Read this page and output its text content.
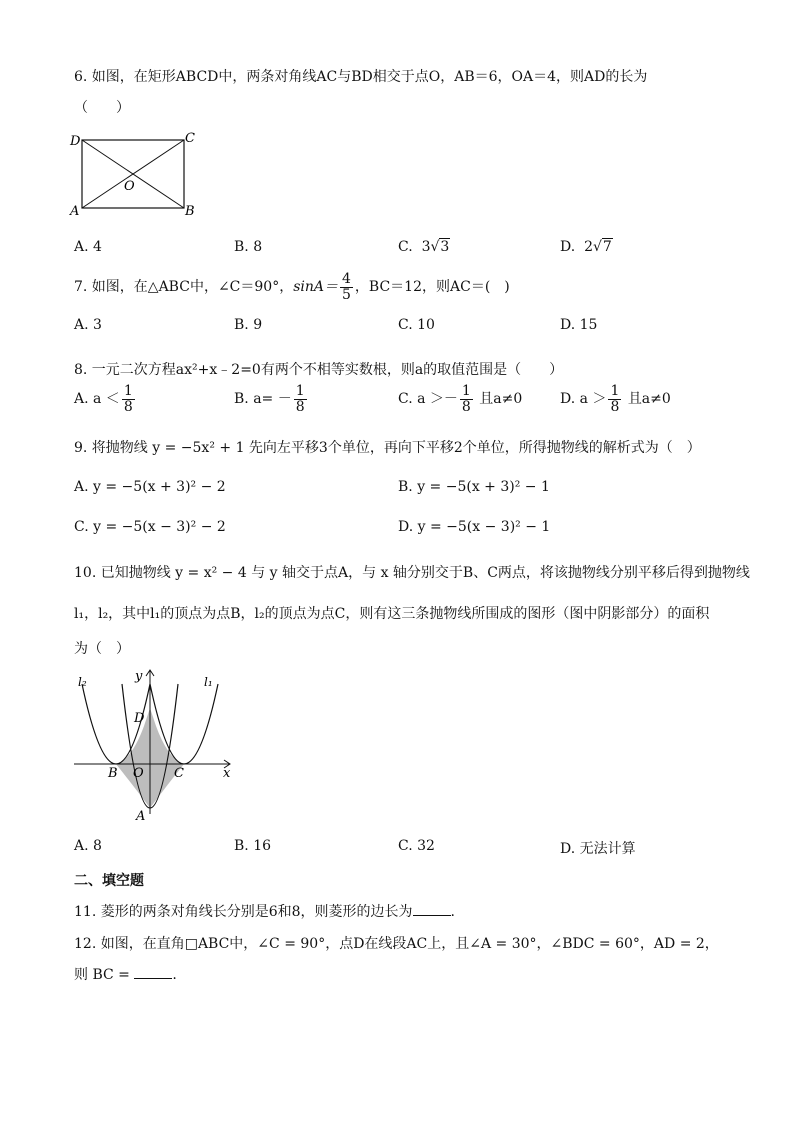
6. 如图，在矩形ABCD中，两条对角线AC与BD相交于点O，AB＝6，OA＝4，则AD的长为
（　　）
D	C
A	B
O
A. 4	B. 8	C.  3√3	D.  2√7
7. 如图，在△ABC中，∠C＝90°，$\sin A= \frac{4}{5}$ ，BC＝12，则AC＝(　)
A. 3	B. 9	C. 10	D. 15
8. 一元二次方程ax²+x﹣2=0有两个不相等实数根，则a的取值范围是（　　）
A. $a < \frac{1}{8}$	B. $a= - \frac{1}{8}$	C. $a >- \frac{1}{8}$ 且a≠0	D. $a > \frac{1}{8}$ 且a≠0
9. 将抛物线 y = −5x² + 1 先向左平移3个单位，再向下平移2个单位，所得抛物线的解析式为（　）
A. y = −5(x + 3)² − 2	B. y = −5(x + 3)² − 1
C. y = −5(x − 3)² − 2	D. y = −5(x − 3)² − 1
10. 已知抛物线 y = x² − 4 与 y 轴交于点A，与 x 轴分别交于B、C两点，将该抛物线分别平移后得到抛物线
l₁，l₂，其中l₁的顶点为点B，l₂的顶点为点C，则有这三条抛物线所围成的图形（图中阴影部分）的面积
为（　）
y
x
D
B O C
A
l₁
l₂
A. 8	B. 16	C. 32	D. 无法计算
二、填空题
11. 菱形的两条对角线长分别是6和8，则菱形的边长为	.
12. 如图，在直角□ABC中，∠C = 90°，点D在线段AC上，且∠A = 30°，∠BDC = 60°，AD = 2，
则 BC =	.
